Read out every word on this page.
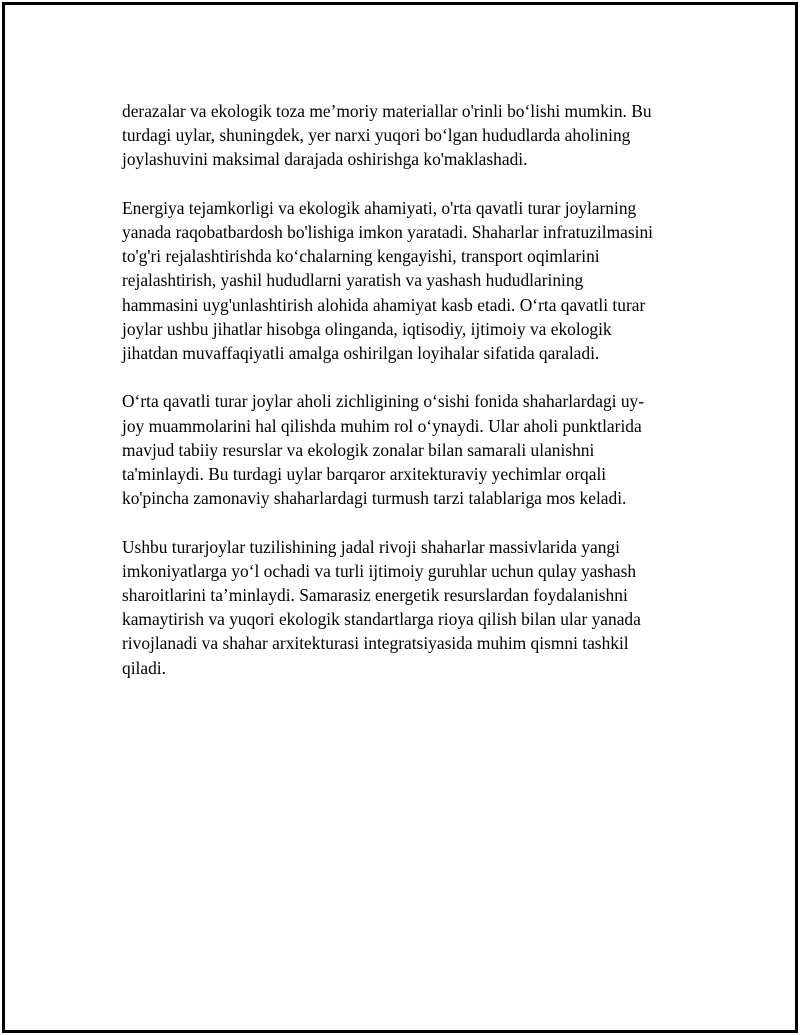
derazalar va ekologik toza me’moriy materiallar o'rinli bo‘lishi mumkin. Bu
turdagi uylar, shuningdek, yer narxi yuqori bo‘lgan hududlarda aholining
joylashuvini maksimal darajada oshirishga ko'maklashadi.

Energiya tejamkorligi va ekologik ahamiyati, o'rta qavatli turar joylarning
yanada raqobatbardosh bo'lishiga imkon yaratadi. Shaharlar infratuzilmasini
to'g'ri rejalashtirishda ko‘chalarning kengayishi, transport oqimlarini
rejalashtirish, yashil hududlarni yaratish va yashash hududlarining
hammasini uyg'unlashtirish alohida ahamiyat kasb etadi. O‘rta qavatli turar
joylar ushbu jihatlar hisobga olinganda, iqtisodiy, ijtimoiy va ekologik
jihatdan muvaffaqiyatli amalga oshirilgan loyihalar sifatida qaraladi.

O‘rta qavatli turar joylar aholi zichligining o‘sishi fonida shaharlardagi uy-
joy muammolarini hal qilishda muhim rol o‘ynaydi. Ular aholi punktlarida
mavjud tabiiy resurslar va ekologik zonalar bilan samarali ulanishni
ta'minlaydi. Bu turdagi uylar barqaror arxitekturaviy yechimlar orqali
ko'pincha zamonaviy shaharlardagi turmush tarzi talablariga mos keladi.

Ushbu turarjoylar tuzilishining jadal rivoji shaharlar massivlarida yangi
imkoniyatlarga yo‘l ochadi va turli ijtimoiy guruhlar uchun qulay yashash
sharoitlarini ta’minlaydi. Samarasiz energetik resurslardan foydalanishni
kamaytirish va yuqori ekologik standartlarga rioya qilish bilan ular yanada
rivojlanadi va shahar arxitekturasi integratsiyasida muhim qismni tashkil
qiladi.
